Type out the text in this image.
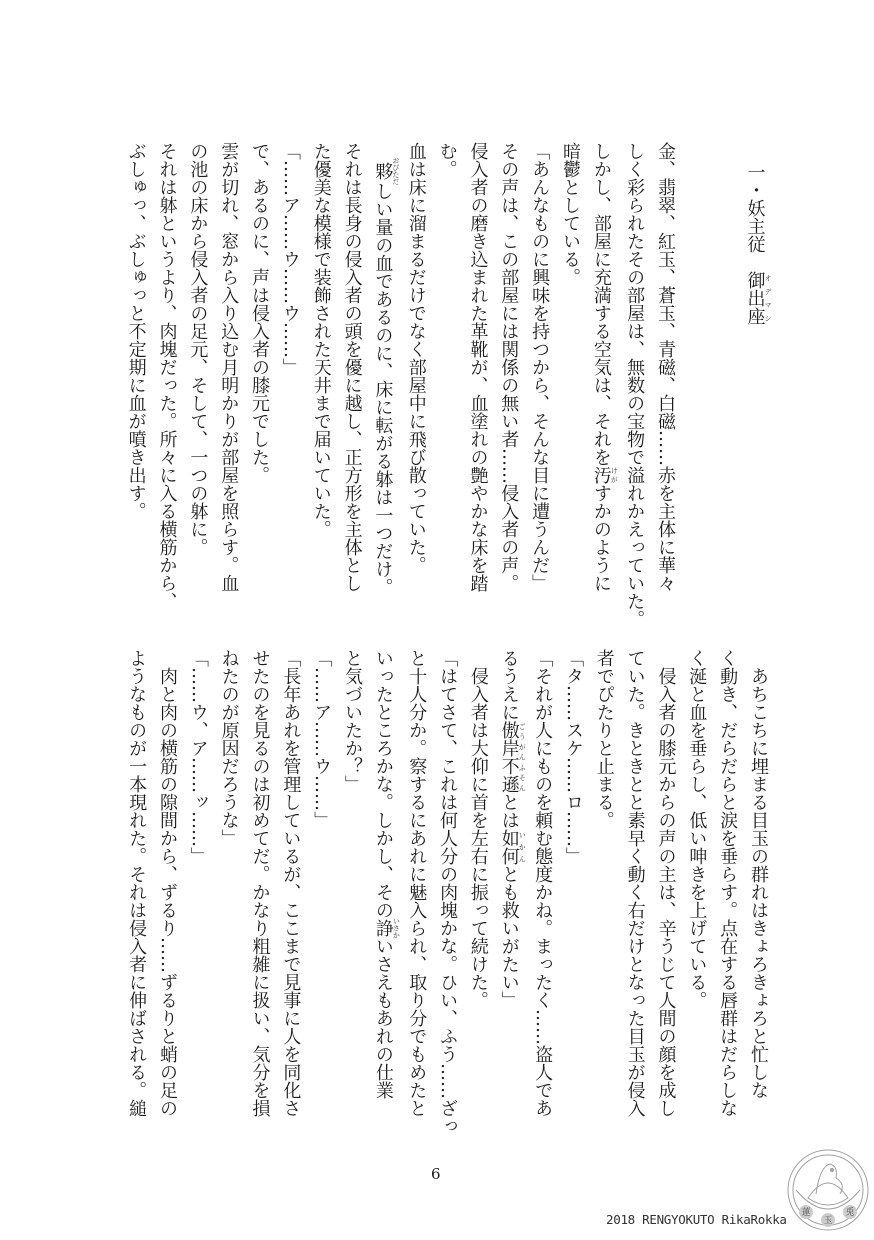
一・妖主従　御出座オデマシ
金、翡翠、紅玉、蒼玉、青磁、白磁……赤を主体に華々
しく彩られたその部屋は、無数の宝物で溢れかえっていた。
しかし、部屋に充満する空気は、それを汚けがすかのように
暗鬱としている。
「あんなものに興味を持つから、そんな目に遭うんだ」
その声は、この部屋には関係の無い者……侵入者の声。
侵入者の磨き込まれた革靴が、血塗れの艶やかな床を踏
む。
血は床に溜まるだけでなく部屋中に飛び散っていた。
　夥おびただしい量の血であるのに、床に転がる躰は一つだけ。
それは長身の侵入者の頭を優に越し、正方形を主体とし
た優美な模様で装飾された天井まで届いていた。
「……ア……ウ……ウ……」
で、あるのに、声は侵入者の膝元でした。
雲が切れ、窓から入り込む月明かりが部屋を照らす。血
の池の床から侵入者の足元、そして、一つの躰に。
それは躰というより、肉塊だった。所々に入る横筋から、
ぶしゅっ、ぶしゅっと不定期に血が噴き出す。
　あちこちに埋まる目玉の群れはきょろきょろと忙しな
く動き、だらだらと涙を垂らす。点在する唇群はだらしな
く涎と血を垂らし、低い呻きを上げている。
　侵入者の膝元からの声の主は、辛うじて人間の顔を成し
ていた。きときとと素早く動く右だけとなった目玉が侵入
者でぴたりと止まる。
「タ……スケ……ロ……」
「それが人にものを頼む態度かね。まったく……盗人であ
るうえに傲岸不遜ごうがんふそんとは如何いかんとも救いがたい」
　侵入者は大仰に首を左右に振って続けた。
「はてさて、これは何人分の肉塊かな。ひい、ふう……ざっ
と十人分か。察するにあれに魅入られ、取り分でもめたと
いったところかな。しかし、その諍いさかいさえもあれの仕業
と気づいたか？」
「……ア……ウ……」
「長年あれを管理しているが、ここまで見事に人を同化さ
せたのを見るのは初めてだ。かなり粗雑に扱い、気分を損
ねたのが原因だろうな」
「……ウ、ア……ッ……」
　肉と肉の横筋の隙間から、ずるり……ずるりと蛸の足の
ようなものが一本現れた。それは侵入者に伸ばされる。縋
6
2018 RENGYOKUTO RikaRokka 蓮
玉
兎
